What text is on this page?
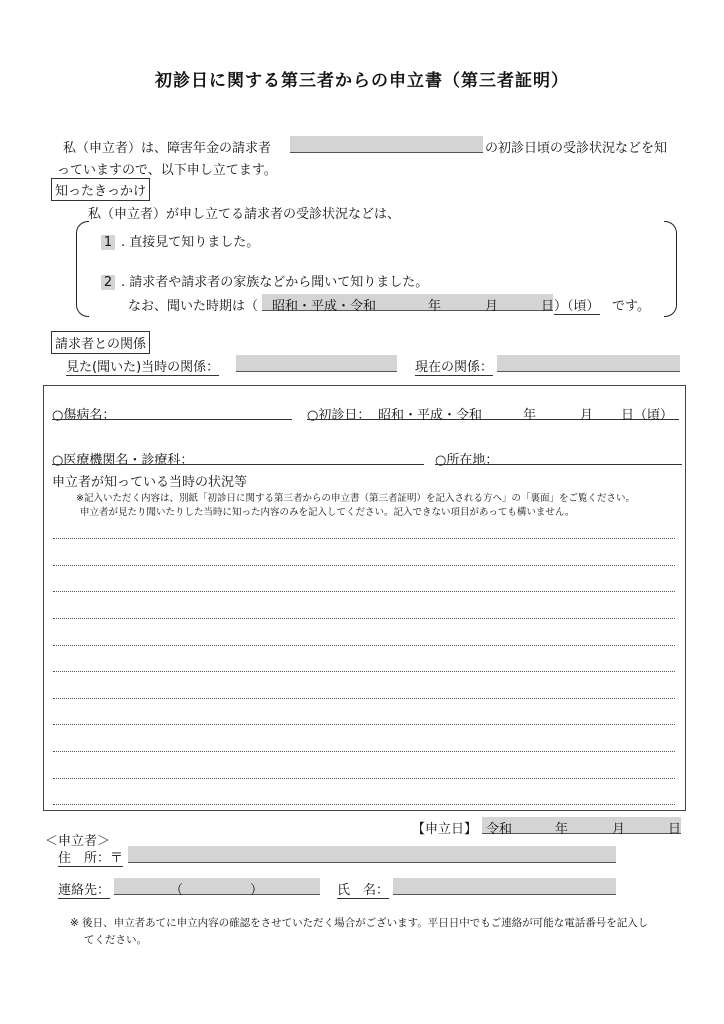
初診日に関する第三者からの申立書（第三者証明）
私（申立者）は、障害年金の請求者	の初診日頃の受診状況などを知
っていますので、以下申し立てます。
知ったきっかけ
私（申立者）が申し立てる請求者の受診状況などは、
1 . 直接見て知りました。
2 . 請求者や請求者の家族などから聞いて知りました。
なお、聞いた時期は（ 昭和・平成・令和	年	月	日 ）（頃） です。
請求者との関係
見た(聞いた)当時の関係：	現在の関係：
○傷病名：	○初診日： 昭和・平成・令和	年	月 日（頃）
○医療機関名・診療科：	○所在地：
申立者が知っている当時の状況等
※記入いただく内容は、別紙「初診日に関する第三者からの申立書（第三者証明）を記入される方へ」の「裏面」をご覧ください。
申立者が見たり聞いたりした当時に知った内容のみを記入してください。記入できない項目があっても構いません。
【申立日】 令和	年	月	日
＜申立者＞
住　所：〒
連絡先：	（	）	氏　名：
※ 後日、申立者あてに申立内容の確認をさせていただく場合がございます。平日日中でもご連絡が可能な電話番号を記入し
てください。
